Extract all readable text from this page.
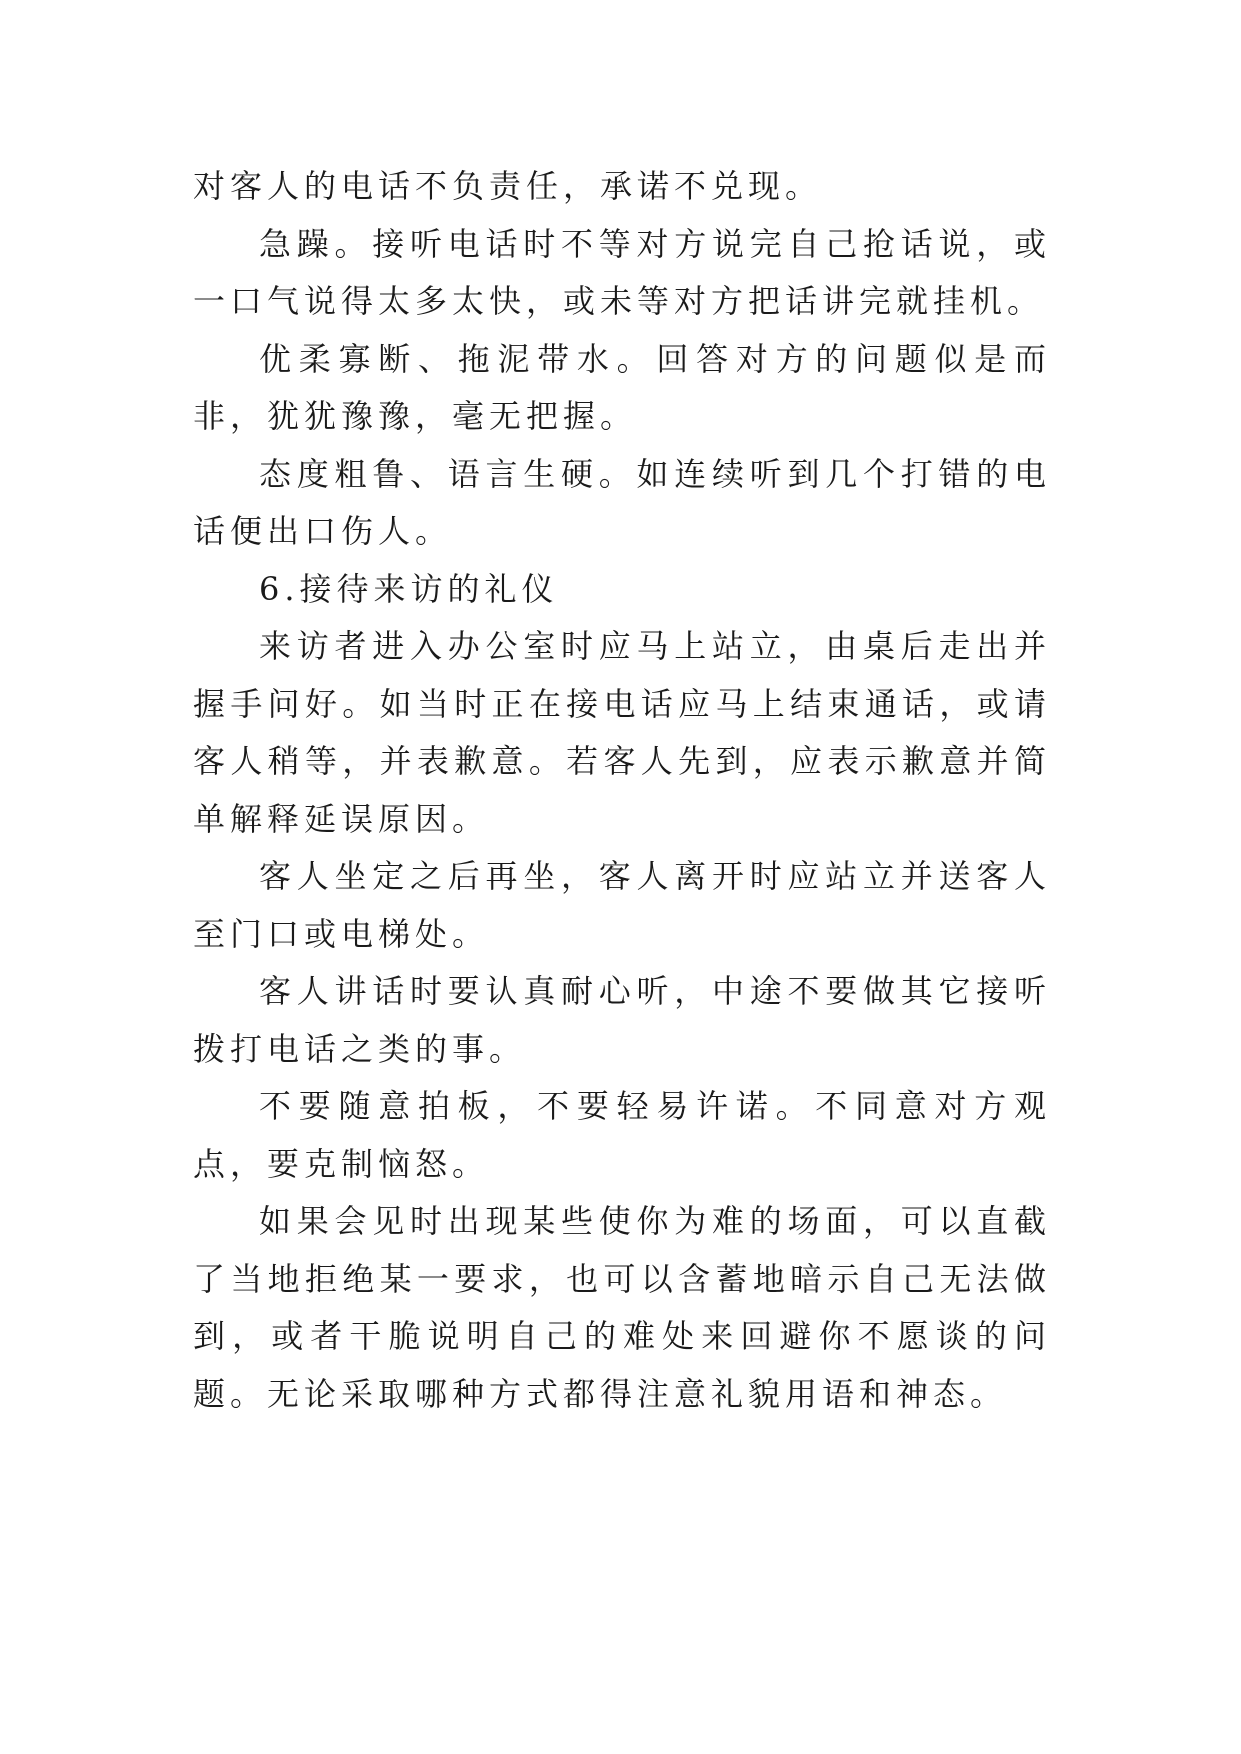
对客人的电话不负责任，承诺不兑现。

急躁。接听电话时不等对方说完自己抢话说，或一口气说得太多太快，或未等对方把话讲完就挂机。

优柔寡断、拖泥带水。回答对方的问题似是而非，犹犹豫豫，毫无把握。

态度粗鲁、语言生硬。如连续听到几个打错的电话便出口伤人。

6.接待来访的礼仪

来访者进入办公室时应马上站立，由桌后走出并握手问好。如当时正在接电话应马上结束通话，或请客人稍等，并表歉意。若客人先到，应表示歉意并简单解释延误原因。

客人坐定之后再坐，客人离开时应站立并送客人至门口或电梯处。

客人讲话时要认真耐心听，中途不要做其它接听拨打电话之类的事。

不要随意拍板，不要轻易许诺。不同意对方观点，要克制恼怒。

如果会见时出现某些使你为难的场面，可以直截了当地拒绝某一要求，也可以含蓄地暗示自己无法做到，或者干脆说明自己的难处来回避你不愿谈的问题。无论采取哪种方式都得注意礼貌用语和神态。
